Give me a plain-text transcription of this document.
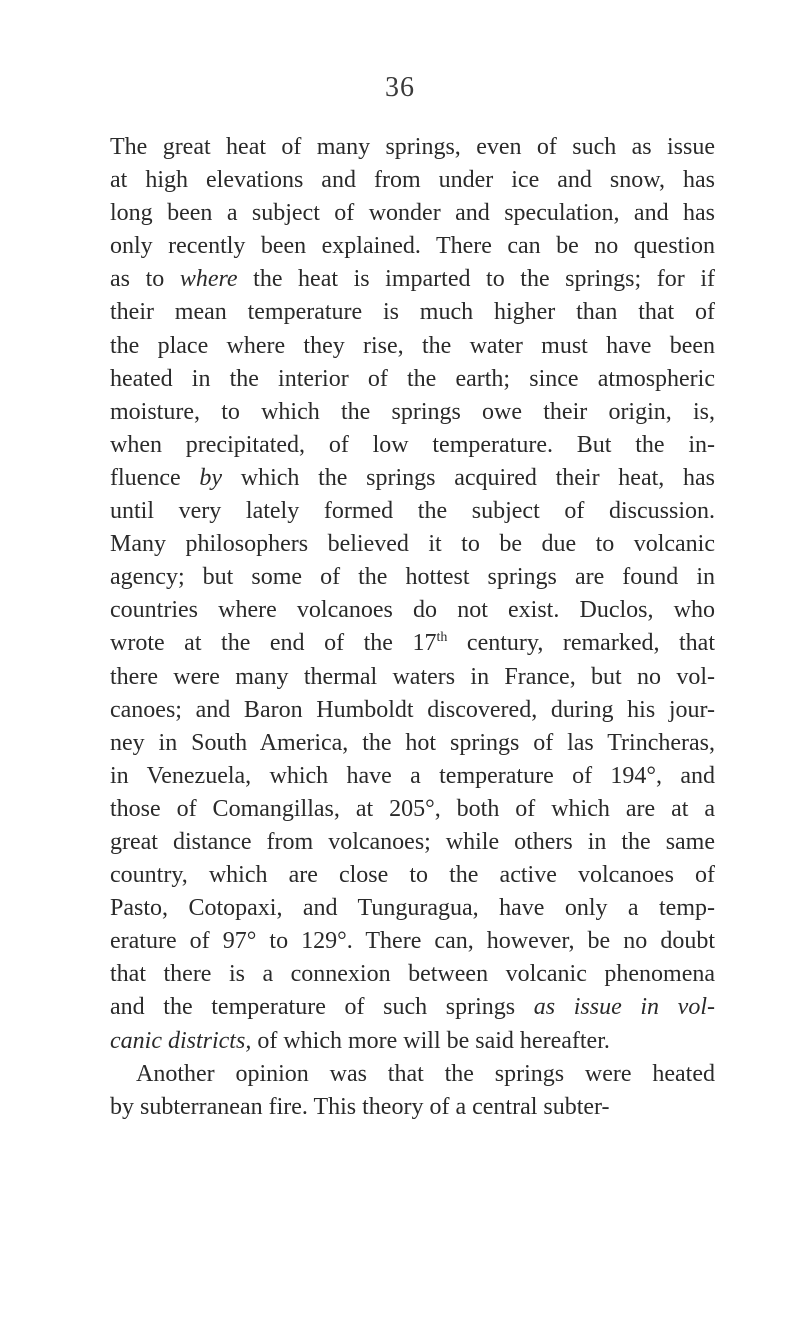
36
The great heat of many springs, even of such as issue
at high elevations and from under ice and snow, has
long been a subject of wonder and speculation, and has
only recently been explained. There can be no question
as to where the heat is imparted to the springs; for if
their mean temperature is much higher than that of
the place where they rise, the water must have been
heated in the interior of the earth; since atmospheric
moisture, to which the springs owe their origin, is,
when precipitated, of low temperature. But the in-
fluence by which the springs acquired their heat, has
until very lately formed the subject of discussion.
Many philosophers believed it to be due to volcanic
agency; but some of the hottest springs are found in
countries where volcanoes do not exist. Duclos, who
wrote at the end of the 17th century, remarked, that
there were many thermal waters in France, but no vol-
canoes; and Baron Humboldt discovered, during his jour-
ney in South America, the hot springs of las Trincheras,
in Venezuela, which have a temperature of 194°, and
those of Comangillas, at 205°, both of which are at a
great distance from volcanoes; while others in the same
country, which are close to the active volcanoes of
Pasto, Cotopaxi, and Tunguragua, have only a temp-
erature of 97° to 129°. There can, however, be no doubt
that there is a connexion between volcanic phenomena
and the temperature of such springs as issue in vol-
canic districts, of which more will be said hereafter.
Another opinion was that the springs were heated
by subterranean fire. This theory of a central subter-
